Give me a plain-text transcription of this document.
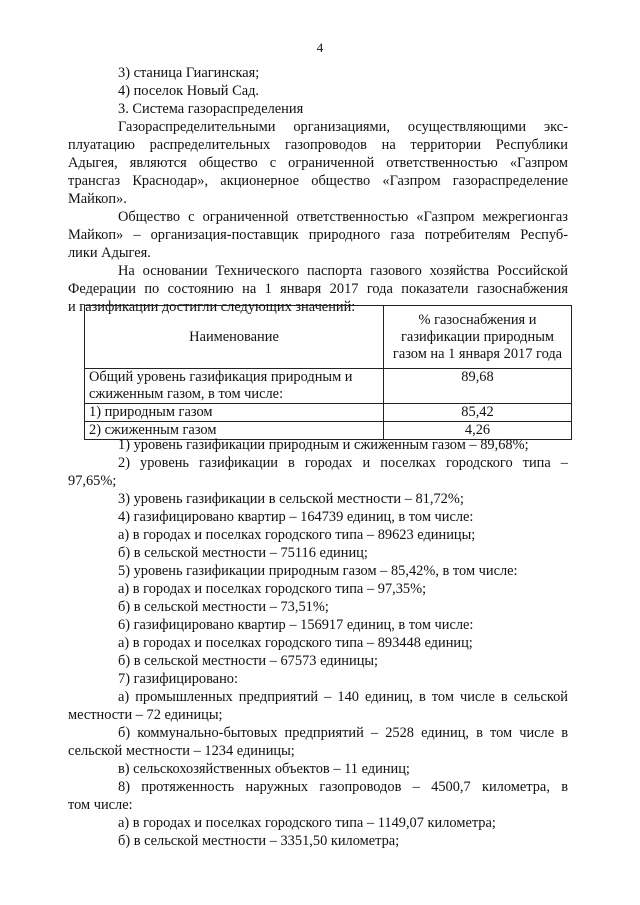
4
3) станица Гиагинская;
4) поселок Новый Сад.
3. Система газораспределения
Газораспределительными организациями, осуществляющими экс-
плуатацию распределительных газопроводов на территории Республики
Адыгея, являются общество с ограниченной ответственностью «Газпром
трансгаз Краснодар», акционерное общество «Газпром газораспределение
Майкоп».
Общество с ограниченной ответственностью «Газпром межрегионгаз
Майкоп» – организация-поставщик природного газа потребителям Респуб-
лики Адыгея.
На основании Технического паспорта газового хозяйства Российской
Федерации по состоянию на 1 января 2017 года показатели газоснабжения
и газификации достигли следующих значений:
Наименование	% газоснабжения и газификации природным газом на 1 января 2017 года
Общий уровень газификация природным и сжиженным газом, в том числе:	89,68
1) природным газом	85,42
2) сжиженным газом	4,26
1) уровень газификации природным и сжиженным газом – 89,68%;
2) уровень газификации в городах и поселках городского типа –
97,65%;
3) уровень газификации в сельской местности – 81,72%;
4) газифицировано квартир – 164739 единиц, в том числе:
а) в городах и поселках городского типа – 89623 единицы;
б) в сельской местности – 75116 единиц;
5) уровень газификации природным газом – 85,42%, в том числе:
а) в городах и поселках городского типа – 97,35%;
б) в сельской местности – 73,51%;
6) газифицировано квартир – 156917 единиц, в том числе:
а) в городах и поселках городского типа – 893448 единиц;
б) в сельской местности – 67573 единицы;
7) газифицировано:
а) промышленных предприятий – 140 единиц, в том числе в сельской
местности – 72 единицы;
б) коммунально-бытовых предприятий – 2528 единиц, в том числе в
сельской местности – 1234 единицы;
в) сельскохозяйственных объектов – 11 единиц;
8) протяженность наружных газопроводов – 4500,7 километра, в
том числе:
а) в городах и поселках городского типа – 1149,07 километра;
б) в сельской местности – 3351,50 километра;
